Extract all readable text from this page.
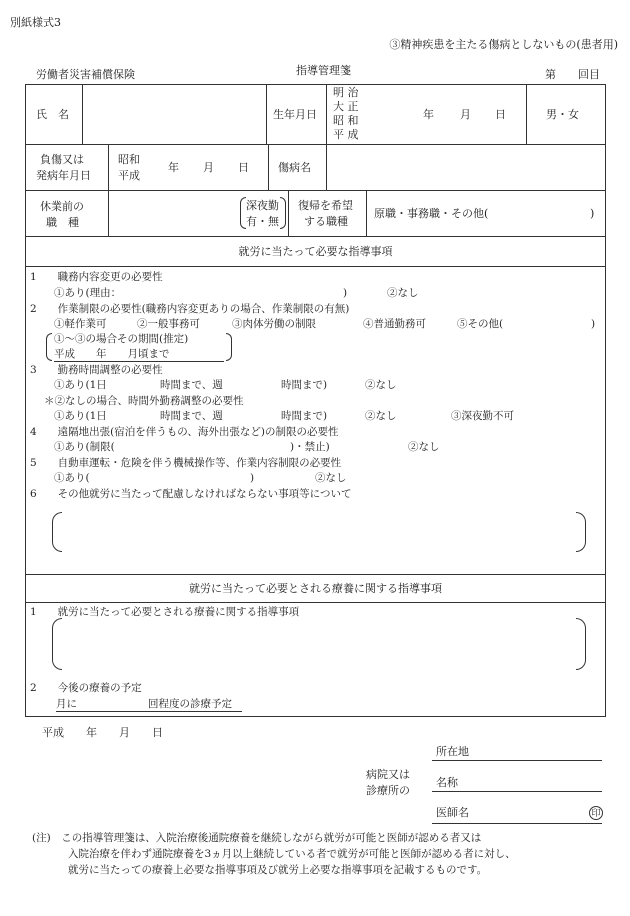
別紙様式3
③精神疾患を主たる傷病としないもの(患者用)
労働者災害補償保険	指導管理箋	第 回目
氏　名	生年月日
明 治
大 正
昭 和
平 成
年 月 日	男・女
負傷又は
発病年月日
昭和
平成
年 月 日	傷病名
休業前の
職　種
深夜勤
有・無
復帰を希望
する職種
原職・事務職・その他(	)
就労に当たって必要な指導事項
1　　職務内容変更の必要性
①あり(理由：	)	②なし
2　　作業制限の必要性(職務内容変更ありの場合、作業制限の有無)
①軽作業可	②一般事務可	③肉体労働の制限	④普通勤務可	⑤その他(	)
①～③の場合その期間(推定)
平成　　年　　月頃まで
3　　勤務時間調整の必要性
①あり(1日	時間まで、週	時間まで)	②なし
＊②なしの場合、時間外勤務調整の必要性
①あり(1日	時間まで、週	時間まで)	②なし	③深夜勤不可
4　　遠隔地出張(宿泊を伴うもの、海外出張など)の制限の必要性
①あり(制限(	)・禁止)	②なし
5　　自動車運転・危険を伴う機械操作等、作業内容制限の必要性
①あり(	)	②なし
6　　その他就労に当たって配慮しなければならない事項等について
就労に当たって必要とされる療養に関する指導事項
1　　就労に当たって必要とされる療養に関する指導事項
2　　今後の療養の予定
月に	回程度の診療予定
平成　　年　　月　　日
所在地
病院又は
診療所の
名称
医師名	印
(注)　この指導管理箋は、入院治療後通院療養を継続しながら就労が可能と医師が認める者又は
入院治療を伴わず通院療養を3ヵ月以上継続している者で就労が可能と医師が認める者に対し、
就労に当たっての療養上必要な指導事項及び就労上必要な指導事項を記載するものです。
